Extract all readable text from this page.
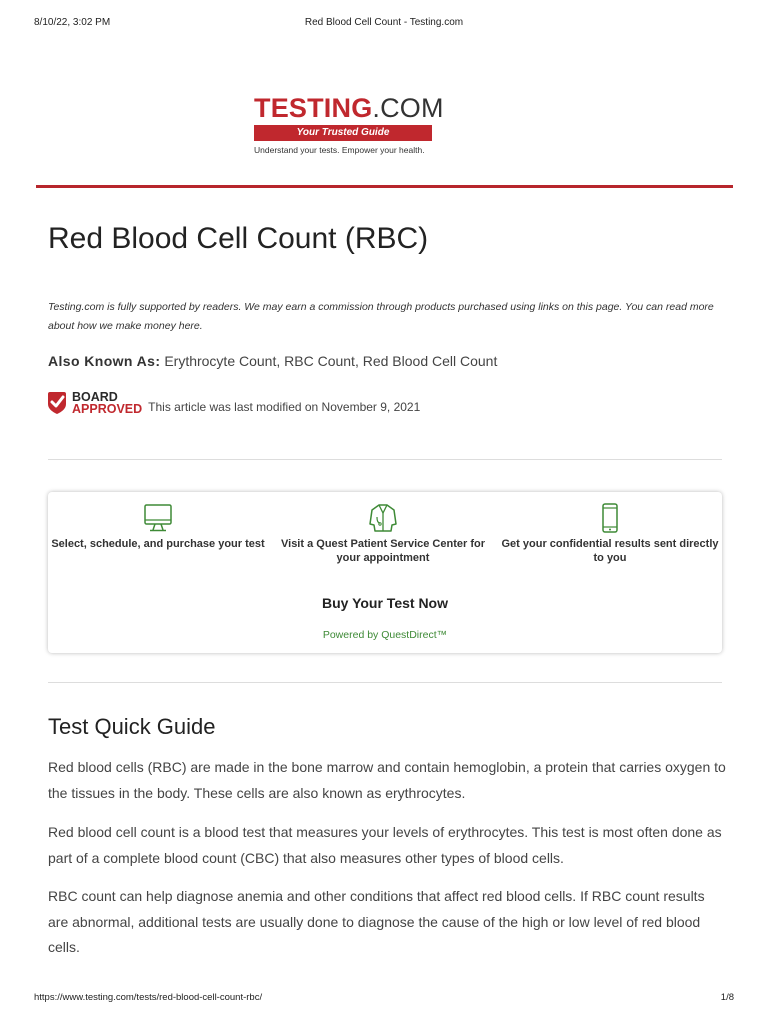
8/10/22, 3:02 PM	Red Blood Cell Count - Testing.com
TESTING.COM
Your Trusted Guide
Understand your tests. Empower your health.
Red Blood Cell Count (RBC)

Testing.com is fully supported by readers. We may earn a commission through products purchased using links on this page. You can read more about how we make money here.

Also Known As: Erythrocyte Count, RBC Count, Red Blood Cell Count
BOARD
APPROVED This article was last modified on November 9, 2021
Select, schedule, and purchase your test	Visit a Quest Patient Service Center for your appointment
Get your confidential results sent directly to you
Buy Your Test Now
Powered by QuestDirect™
Test Quick Guide

Red blood cells (RBC) are made in the bone marrow and contain hemoglobin, a protein that carries oxygen to the tissues in the body. These cells are also known as erythrocytes.

Red blood cell count is a blood test that measures your levels of erythrocytes. This test is most often done as part of a complete blood count (CBC) that also measures other types of blood cells.

RBC count can help diagnose anemia and other conditions that affect red blood cells. If RBC count results are abnormal, additional tests are usually done to diagnose the cause of the high or low level of red blood cells.

https://www.testing.com/tests/red-blood-cell-count-rbc/	1/8
